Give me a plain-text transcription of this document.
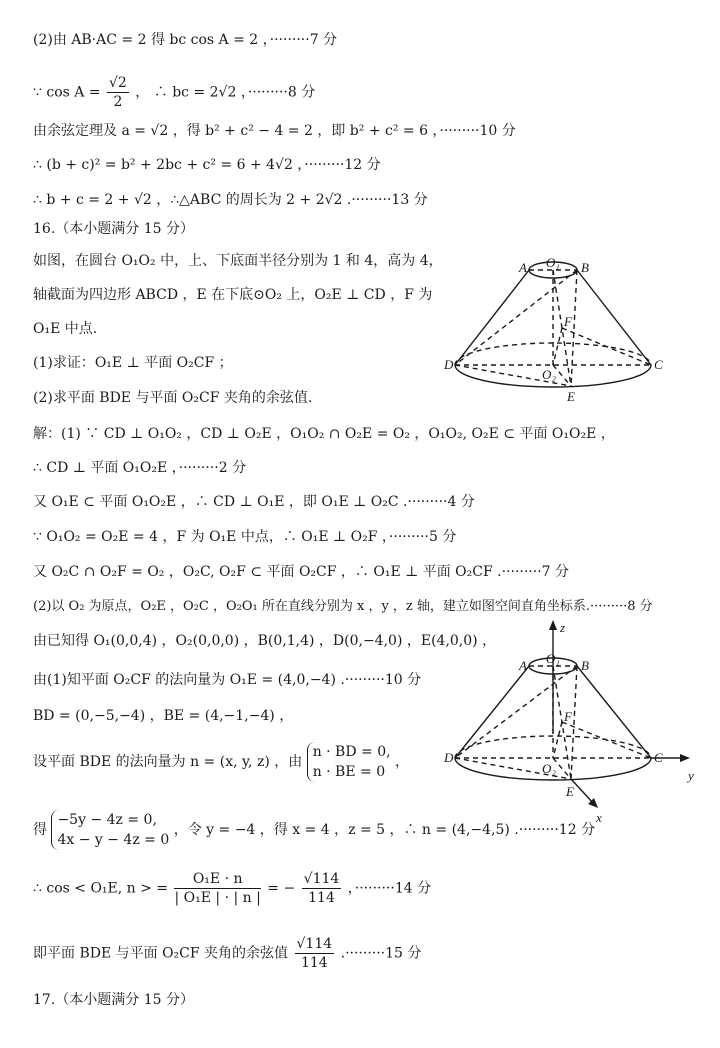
(2)由 AB·AC = 2 得 bc cos A = 2 ，·········7 分
∵ $\cos A = \frac{√2}{2}$ ， ∴ bc = 2√2 ，·········8 分
由余弦定理及 a = √2 ，得 b² + c² − 4 = 2 ，即 b² + c² = 6 ，·········10 分
∴ (b + c)² = b² + 2bc + c² = 6 + 4√2 ，·········12 分
∴ b + c = 2 + √2 ，∴△ABC 的周长为 2 + 2√2 .·········13 分
16.（本小题满分 15 分）
如图，在圆台 O₁O₂ 中，上、下底面半径分别为 1 和 4，高为 4，
轴截面为四边形 ABCD ，E 在下底⊙O₂ 上，O₂E ⊥ CD ，F 为
O₁E 中点.
(1)求证：O₁E ⊥ 平面 O₂CF ；
(2)求平面 BDE 与平面 O₂CF 夹角的余弦值.
解：(1) ∵ CD ⊥ O₁O₂ ，CD ⊥ O₂E ，O₁O₂ ∩ O₂E = O₂ ，O₁O₂, O₂E ⊂ 平面 O₁O₂E ，
∴ CD ⊥ 平面 O₁O₂E ，·········2 分
又 O₁E ⊂ 平面 O₁O₂E ，∴ CD ⊥ O₁E ，即 O₁E ⊥ O₂C .·········4 分
∵ O₁O₂ = O₂E = 4 ，F 为 O₁E 中点，∴ O₁E ⊥ O₂F ，·········5 分
又 O₂C ∩ O₂F = O₂ ，O₂C, O₂F ⊂ 平面 O₂CF ，∴ O₁E ⊥ 平面 O₂CF .·········7 分
(2)以 O₂ 为原点，O₂E ，O₂C ，O₂O₁ 所在直线分别为 x ，y ，z 轴，建立如图空间直角坐标系.·········8 分
由已知得 O₁(0,0,4) ，O₂(0,0,0) ，B(0,1,4) ，D(0,−4,0) ，E(4,0,0) ，
由(1)知平面 O₂CF 的法向量为 O₁E = (4,0,−4) .·········10 分
BD = (0,−5,−4) ，BE = (4,−1,−4) ，
设平面 BDE 的法向量为 n = (x, y, z) ，由
n · BD = 0,
n · BE = 0
，
得
−5y − 4z = 0,
4x − y − 4z = 0
，令 y = −4 ，得 x = 4 ，z = 5 ，∴ n = (4,−4,5) .·········12 分
∴ cos < O₁E, n > = $\frac{\text{O₁E · n}}{\text{| O₁E | · | n |}}$ = − $\frac{√114}{114}$ ，·········14 分
即平面 BDE 与平面 O₂CF 夹角的余弦值 $\frac{√114}{114} .\cdot\cdot\cdot\cdot\cdot\cdot\cdot\cdot\cdot 15$ 分
17.（本小题满分 15 分）
A O₁ B
F
D
O₂
C
E
z
A O₁ B
F
D
O₂
C
y
E
x
